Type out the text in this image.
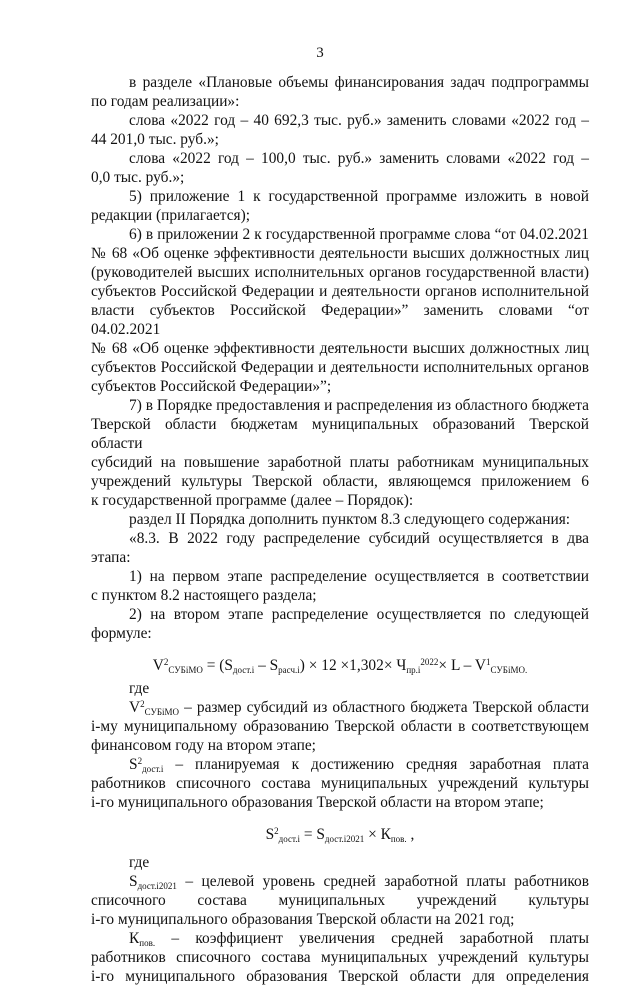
3

в разделе «Плановые объемы финансирования задач подпрограммы

по годам реализации»:

слова «2022 год – 40 692,3 тыс. руб.» заменить словами «2022 год –

44 201,0 тыс. руб.»;

слова «2022 год – 100,0 тыс. руб.» заменить словами «2022 год –

0,0 тыс. руб.»;

5) приложение 1 к государственной программе изложить в новой

редакции (прилагается);

6) в приложении 2 к государственной программе слова “от 04.02.2021

№ 68 «Об оценке эффективности деятельности высших должностных лиц

(руководителей высших исполнительных органов государственной власти)

субъектов Российской Федерации и деятельности органов исполнительной

власти субъектов Российской Федерации»” заменить словами “от 04.02.2021

№ 68 «Об оценке эффективности деятельности высших должностных лиц

субъектов Российской Федерации и деятельности исполнительных органов

субъектов Российской Федерации»”;

7) в Порядке предоставления и распределения из областного бюджета

Тверской области бюджетам муниципальных образований Тверской области

субсидий на повышение заработной платы работникам муниципальных

учреждений культуры Тверской области, являющемся приложением 6

к государственной программе (далее – Порядок):

раздел II Порядка дополнить пунктом 8.3 следующего содержания:

«8.3. В 2022 году распределение субсидий осуществляется в два этапа:

1) на первом этапе распределение осуществляется в соответствии

с пунктом 8.2 настоящего раздела;

2) на втором этапе распределение осуществляется по следующей

формуле:

$V^2_{СУБiМО} = (S_{дост.i} - S_{расч.i}) \times 12 \times 1,302\times Ч_{пр.i}^{2022}\times L - V^1_{СУБiМО.}$

где

$V^2_{СУБiМО}$ – размер субсидий из областного бюджета Тверской области

i-му муниципальному образованию Тверской области в соответствующем

финансовом году на втором этапе;

$S^2_{дост.i}$ – планируемая к достижению средняя заработная плата

работников списочного состава муниципальных учреждений культуры

i-го муниципального образования Тверской области на втором этапе;

$S^2_{дост.i} = S_{дост.i2021} \times К_{пов.}$ ,

где

$S_{дост.i2021}$ – целевой уровень средней заработной платы работников

списочного состава муниципальных учреждений культуры

i-го муниципального образования Тверской области на 2021 год;

$К_{пов.}$ – коэффициент увеличения средней заработной платы

работников списочного состава муниципальных учреждений культуры

i-го муниципального образования Тверской области для определения
